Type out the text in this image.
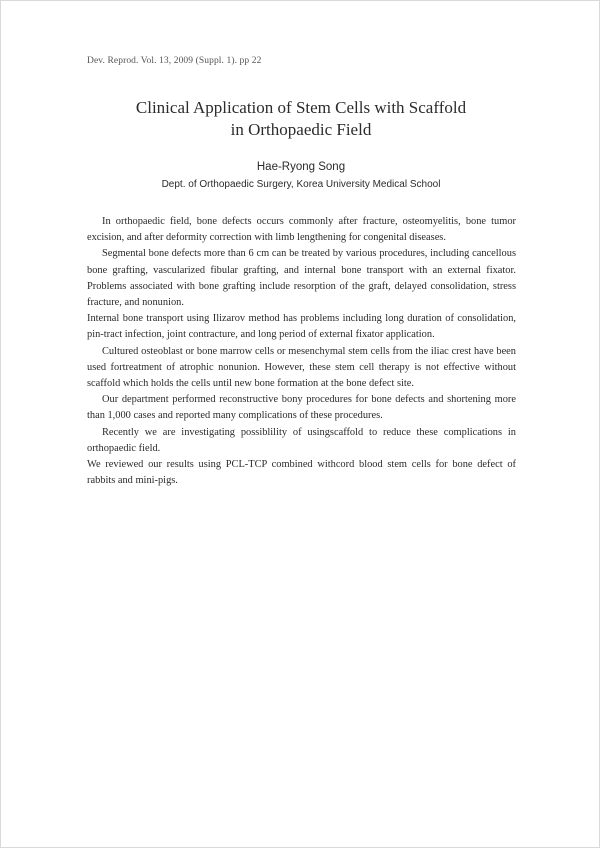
Dev. Reprod. Vol. 13, 2009 (Suppl. 1). pp 22
Clinical Application of Stem Cells with Scaffold
in Orthopaedic Field
Hae-Ryong Song
Dept. of Orthopaedic Surgery, Korea University Medical School

In orthopaedic field, bone defects occurs commonly after fracture, osteomyelitis, bone tumor excision, and after deformity correction with limb lengthening for congenital diseases.

Segmental bone defects more than 6 cm can be treated by various procedures, including cancellous bone grafting, vascularized fibular grafting, and internal bone transport with an external fixator. Problems associated with bone grafting include resorption of the graft, delayed consolidation, stress fracture, and nonunion.

Internal bone transport using Ilizarov method has problems including long duration of consolidation, pin-tract infection, joint contracture, and long period of external fixator application.

Cultured osteoblast or bone marrow cells or mesenchymal stem cells from the iliac crest have been used fortreatment of atrophic nonunion. However, these stem cell therapy is not effective without scaffold which holds the cells until new bone formation at the bone defect site.

Our department performed reconstructive bony procedures for bone defects and shortening more than 1,000 cases and reported many complications of these procedures.

Recently we are investigating possiblility of usingscaffold to reduce these complications in orthopaedic field.

We reviewed our results using PCL-TCP combined withcord blood stem cells for bone defect of rabbits and mini-pigs.
